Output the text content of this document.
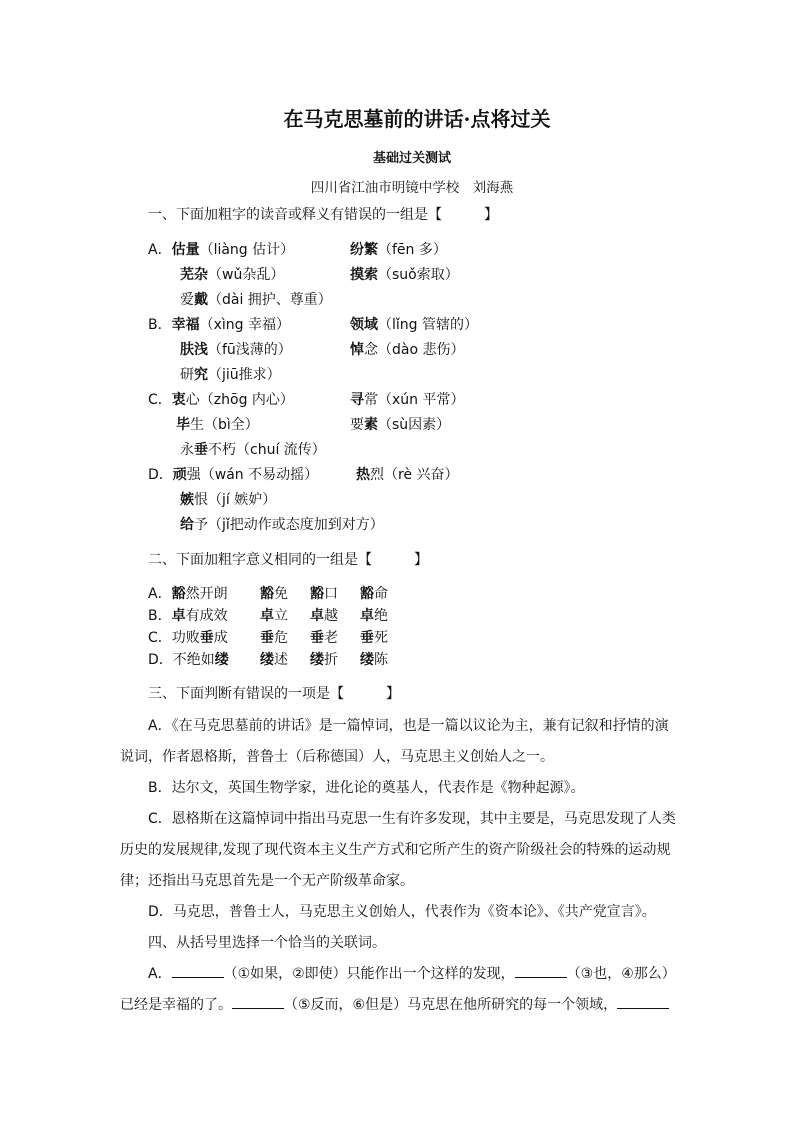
在马克思墓前的讲话·点将过关
基础过关测试
四川省江油市明镜中学校　刘海燕
一、下面加粗字的读音或释义有错误的一组是【　　　】
A．估量（liàng 估计）	纷繁（fēn 多）
芜杂（wǔ杂乱）	摸索（suǒ索取）
爱戴（dài 拥护、尊重）
B．幸福（xìng 幸福）	领域（lǐng 管辖的）
肤浅（fū浅薄的）	悼念（dào 悲伤）
研究（jiū推求）
C．衷心（zhōg 内心）	寻常（xún 平常）
毕生（bì全）	要素（sù因素）
永垂不朽（chuí 流传）
D．顽强（wán 不易动摇）	热烈（rè 兴奋）
嫉恨（jí 嫉妒）
给予（jǐ把动作或态度加到对方）
二、下面加粗字意义相同的一组是【　　　】
A．豁然开朗 豁免 豁口 豁命
B．卓有成效 卓立 卓越 卓绝
C．功败垂成 垂危 垂老 垂死
D．不绝如缕 缕述 缕折 缕陈
三、下面判断有错误的一项是【　　　】

A．《在马克思墓前的讲话》是一篇悼词，也是一篇以议论为主，兼有记叙和抒情的演说词，作者恩格斯，普鲁士（后称德国）人，马克思主义创始人之一。

B．达尔文，英国生物学家，进化论的奠基人，代表作是《物种起源》。

C．恩格斯在这篇悼词中指出马克思一生有许多发现，其中主要是，马克思发现了人类历史的发展规律,发现了现代资本主义生产方式和它所产生的资产阶级社会的特殊的运动规律；还指出马克思首先是一个无产阶级革命家。

D．马克思，普鲁士人，马克思主义创始人，代表作为《资本论》、《共产党宣言》。

四、从括号里选择一个恰当的关联词。

A．	（①如果，②即使）只能作出一个这样的发现，	（③也，④那么）已经是幸福的了。	（⑤反而，⑥但是）马克思在他所研究的每一个领域，
